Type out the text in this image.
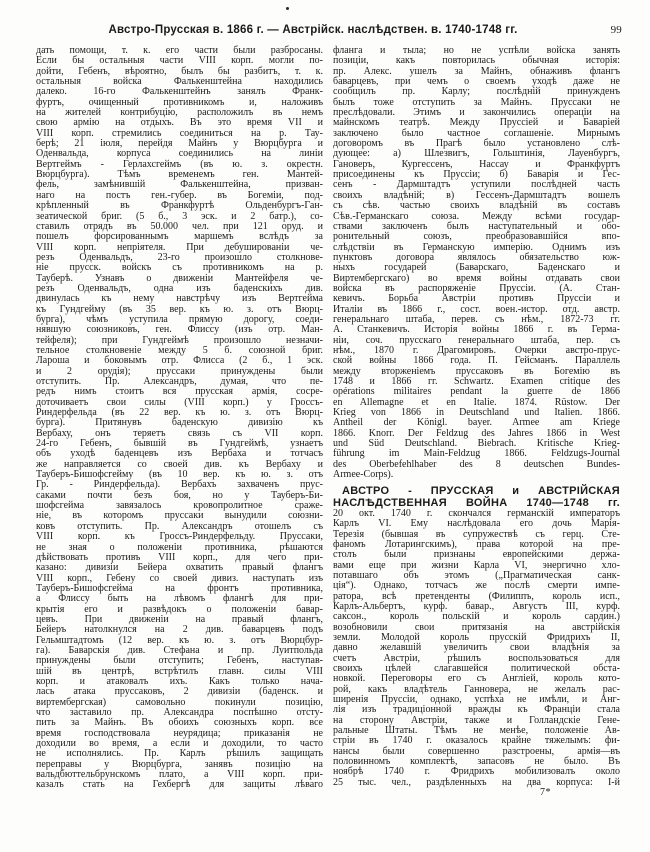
Австро-Прусская в. 1866 г. — Австрійск. наслѣдствен. в. 1740-1748 гг.	99
дать помощи, т. к. его части были разбросаны.
Если бы остальныя части VIII корп. могли по-
дойти, Гебенъ, вѣроятно, былъ бы разбитъ, т. к.
остальныя войска Фалькенштейна находились
далеко. 16-го Фалькенштейнъ занялъ Франк-
фуртъ, очищенный противникомъ и, наложивъ
на жителей контрибуцію, расположилъ въ немъ
свою армію на отдыхъ. Въ это время VII и
VIII корп. стремились соединиться на р. Тау-
берѣ; 21 іюля, перейдя Майнъ у Вюрцбурга и
Оденвальда, корпуса соединились на линіи
Вертгеймъ - Герлахсгеймъ (въ ю. з. окрестн.
Вюрцбурга). Тѣмъ временемъ ген. Мантей-
фель, замѣнившій Фалькенштейна, призван-
наго на постъ ген.-губер. въ Богеміи, под-
крѣпленный въ Франкфуртѣ Ольденбургъ-Ган-
зеатической бриг. (5 б., 3 эск. и 2 батр.), со-
ставилъ отрядъ въ 50.000 чел. при 121 оруд. и
пошелъ форсированнымъ маршемъ вслѣдъ за
VIII корп. непріятеля. При дебушированіи че-
резъ Оденвальдъ, 23-го произошло столкнове-
ніе прусск. войскъ съ противникомъ на р.
Тауберѣ. Узнавъ о движеніи Мантейфеля че-
резъ Оденвальдъ, одна изъ баденскихъ див.
двинулась къ нему навстрѣчу изъ Вертгейма
къ Гундгейму (въ 35 вер. къ ю. з. отъ Вюрц-
бурга), чѣмъ уступила прямую дорогу, соеди-
нявшую союзниковъ, ген. Флиссу (изъ отр. Ман-
тейфеля); при Гундгеймѣ произошло незначи-
тельное столкновеніе между 5 б. союзной бриг.
Лароша и боковымъ отр. Флисса (2 б., 1 эск.
и 2 орудія); пруссаки принуждены были
отступить. Пр. Александръ, думая, что пе-
редъ нимъ стоитъ вся прусская армія, сосре-
доточиваетъ свои силы (VIII корп.) у Гроссъ-
Риндерфельда (въ 22 вер. къ ю. з. отъ Вюрц-
бурга). Притянувъ баденскую дивизію къ
Вербаху, онъ теряетъ связь съ VII корп.
24-го Гебенъ, бывшій въ Гундгеймѣ, узнаетъ
объ уходѣ баденцевъ изъ Вербаха и тотчасъ
же направляется со своей див. къ Вербаху и
Тауберъ-Бишофсгейму (въ 10 вер. къ ю. з. отъ
Гр. - Риндерфельда). Вербахъ захваченъ прус-
саками почти безъ боя, но у Тауберъ-Би-
шофсгейма завязалось кровопролитное сраже-
ніе, въ которомъ пруссаки вынудили союзни-
ковъ отступить. Пр. Александръ отошелъ съ
VIII корп. къ Гроссъ-Риндерфельду. Пруссаки,
не зная о положеніи противника, рѣшаются
дѣйствовать противъ VIII корп., для чего при-
казано: дивизіи Бейера охватить правый флангъ
VIII корп., Гебену со своей дивиз. наступать изъ
Тауберъ-Бишофсгейма на фронтъ противника,
а Флиссу быть на лѣвомъ флангѣ для при-
крытія его и развѣдокъ о положеніи бавар-
цевъ. При движеніи на правый флангъ,
Бейеръ натолкнулся на 2 див. баварцевъ подъ
Гельмштадтомъ (12 вер. къ ю. з. отъ Вюрцбур-
га). Баварскія див. Стефана и пр. Луитпольда
принуждены были отступить; Гебенъ, наступав-
шій въ центрѣ, встрѣтилъ главн. силы VIII
корп. и атаковалъ ихъ. Какъ только нача-
лась атака пруссаковъ, 2 дивизіи (баденск. и
виртембергская) самовольно покинули позицію,
что заставило пр. Александра поспѣшно отсту-
пить за Майнъ. Въ обоихъ союзныхъ корп. все
время господствовала неурядица; приказанія не
доходили во время, а если и доходили, то часто
не исполнялись. Пр. Карлъ рѣшилъ защищать
переправы у Вюрцбурга, занявъ позицію на
вальдбюттельбрунскомъ плато, а VIII корп. при-
казалъ стать на Гехбергѣ для защиты лѣваго
фланга и тыла; но не успѣли войска занять
позиціи, какъ повторилась обычная исторія:
пр. Алекс. ушелъ за Майнъ, обнаживъ флангъ
баварцевъ, при чемъ о своемъ уходѣ даже не
сообщилъ пр. Карлу; послѣдній принужденъ
былъ тоже отступить за Майнъ. Пруссаки не
преслѣдовали. Этимъ и закончились операціи на
майнскомъ театрѣ. Между Пруссіей и Баваріей
заключено было частное соглашеніе. Мирнымъ
договоромъ въ Прагѣ было установлено слѣ-
дующее: а) Шлезвигъ, Гольштинія, Лауенбургъ,
Гановеръ, Кургессенъ, Нассау и Франкфуртъ
присоединены къ Пруссіи; б) Баварія и Гес-
сенъ - Дармштадтъ уступили послѣдней часть
своихъ владѣній; в) Гессенъ-Дармштадтъ вошелъ
съ сѣв. частью своихъ владѣній въ составъ
Сѣв.-Германскаго союза. Между всѣми государ-
ствами заключенъ былъ наступательный и обо-
ронительный союзъ, преобразовавшійся впо-
слѣдствіи въ Германскую имперію. Однимъ изъ
пунктовъ договора являлось обязательство юж-
ныхъ государей (Баварскаго, Баденскаго и
Виртембергскаго) во время войны отдавать свои
войска въ распоряженіе Пруссіи. (А. Стан-
кевичъ. Борьба Австріи противъ Пруссіи и
Италіи въ 1866 г., сост. воен.-истор. отд. австр.
генеральнаго штаба, перев. съ нѣм., 1872-73 гг.
А. Станкевичъ. Исторія войны 1866 г. въ Герма-
ніи, соч. прусскаго генеральнаго штаба, пер. съ
нѣм., 1870 г. Драгомировъ. Очерки австро-прус-
ской войны 1866 года. П. Гейсманъ. Параллель
между вторженіемъ пруссаковъ въ Богемію въ
1748 и 1866 гг. Schwartz. Examen critique des
opérations militaires pendant la guerre de 1866
en Allemagne et en Italie. 1874. Rüstow. Der
Krieg von 1866 in Deutschland und Italien. 1866.
Antheil der Königl. bayer. Armee am Kriege
1866. Knorr. Der Feldzug des Jahres 1866 in West
und Süd Deutschland. Biebrach. Kritische Krieg-
führung im Main-Feldzug 1866. Feldzugs-Journal
des Oberbefehlhaber des 8 deutschen Bundes-
Armee-Corps).
АВСТРО - ПРУССКАЯ и АВСТРІЙСКАЯ
НАСЛѢДСТВЕННАЯ ВОЙНА 1740—1748 гг.
20 окт. 1740 г. скончался германскій императоръ
Карлъ VI. Ему наслѣдовала его дочь Марія-
Терезія (бывшая въ супружествѣ съ герц. Сте-
фаномъ Лотарингскимъ), права которой на пре-
столъ были признаны европейскими держа-
вами еще при жизни Карла VI, энергично хло-
потавшаго объ этомъ („Прагматическая санк-
ція“). Однако, тотчасъ же послѣ смерти импе-
ратора, всѣ претенденты (Филиппъ, король исп.,
Карлъ-Альбертъ, курф. бавар., Августъ III, курф.
саксон., король польскій и король сардин.)
возобновили свои притязанія на австрійскія
земли. Молодой король прусскій Фридрихъ II,
давно желавшій увеличить свои владѣнія за
счетъ Австріи, рѣшилъ воспользоваться для
своихъ цѣлей слагавшейся политической обста-
новкой. Переговоры его съ Англіей, король кото-
рой, какъ владѣтель Ганновера, не желалъ рас-
ширенія Пруссіи, однако, успѣха не имѣли, и Анг-
лія изъ традиціонной вражды къ Франціи стала
на сторону Австріи, также и Голландскіе Гене-
ральные Штаты. Тѣмъ не менѣе, положеніе Ав-
стріи въ 1740 г. оказалось крайне тяжелымъ: фи-
нансы были совершенно разстроены, армія—въ
половинномъ комплектѣ, запасовъ не было. Въ
ноябрѣ 1740 г. Фридрихъ мобилизовалъ около
25 тыс. чел., раздѣленныхъ на два корпуса: I-й
7*
